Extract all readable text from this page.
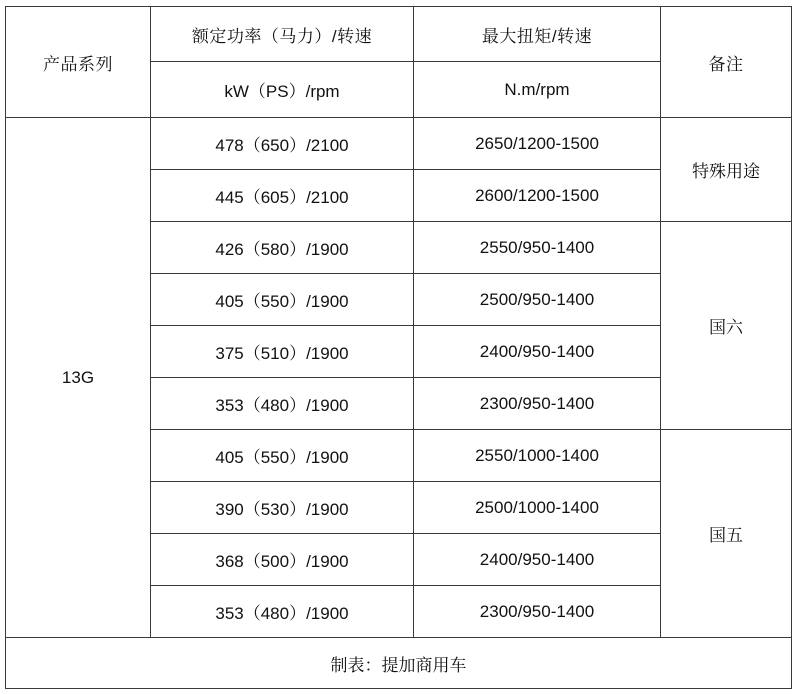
产品系列	额定功率（马力）/转速	最大扭矩/转速	备注
	kW（PS）/rpm	N.m/rpm	
13G	478（650）/2100	2650/1200-1500	特殊用途
	445（605）/2100	2600/1200-1500	
	426（580）/1900	2550/950-1400	国六
	405（550）/1900	2500/950-1400	
	375（510）/1900	2400/950-1400	
	353（480）/1900	2300/950-1400	
	405（550）/1900	2550/1000-1400	国五
	390（530）/1900	2500/1000-1400	
	368（500）/1900	2400/950-1400	
	353（480）/1900	2300/950-1400	
制表：提加商用车			
